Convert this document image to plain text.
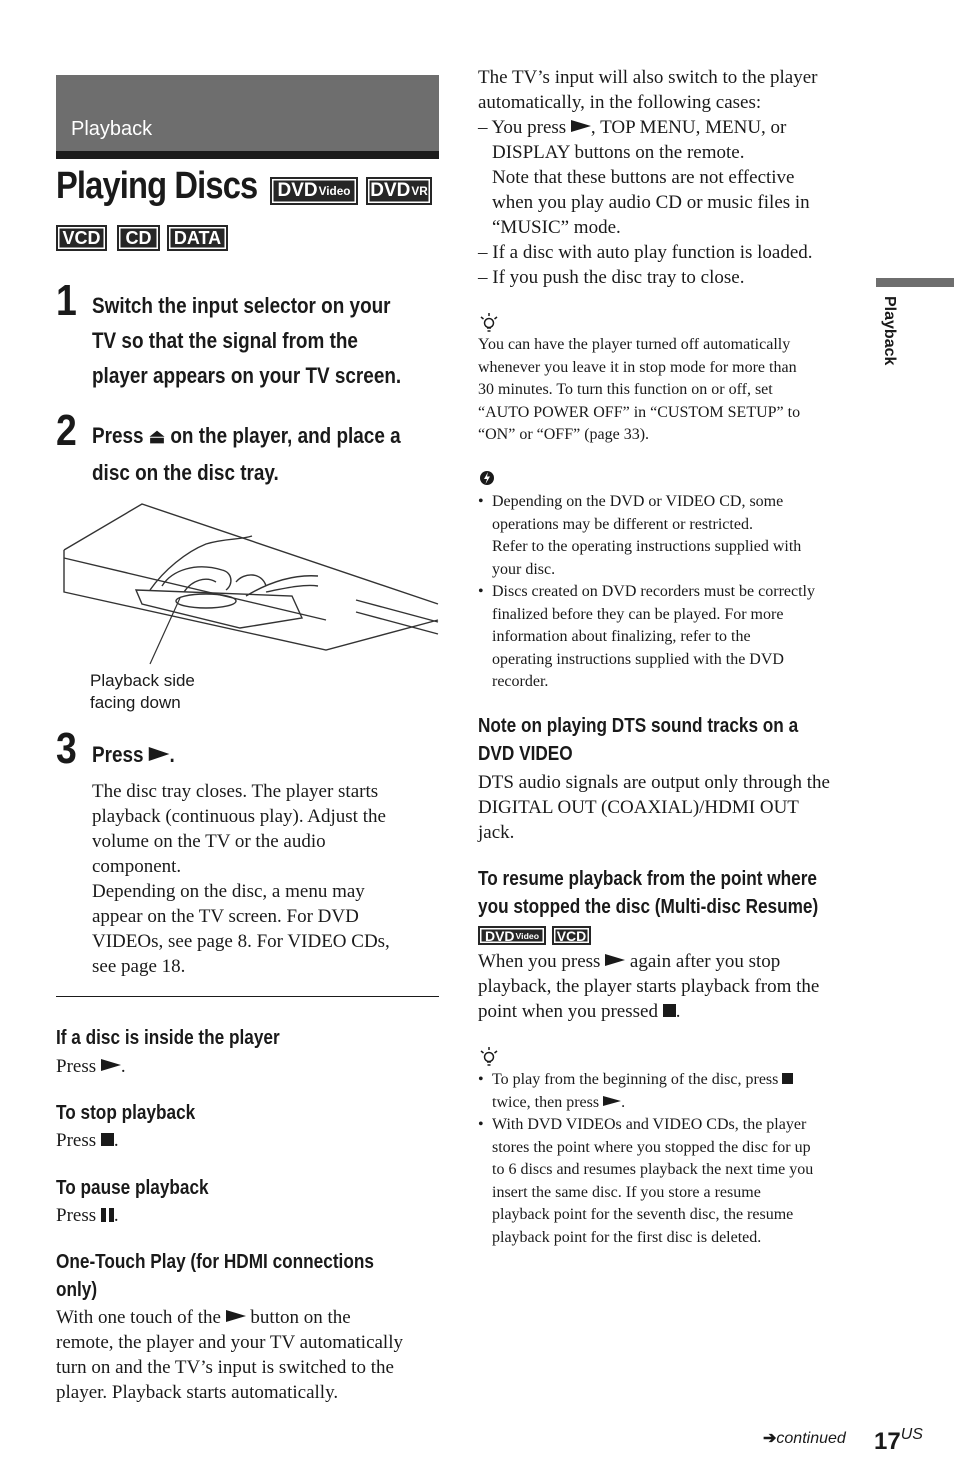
Playback
Playing Discs DVD Video DVD VR
VCD CD DATA
1 Switch the input selector on your
TV so that the signal from the
player appears on your TV screen.
2 Press ⏏ on the player, and place a
disc on the disc tray.
Playback side
facing down
3 Press .
The disc tray closes. The player starts
playback (continuous play). Adjust the
volume on the TV or the audio
component.
Depending on the disc, a menu may
appear on the TV screen. For DVD
VIDEOs, see page 8. For VIDEO CDs,
see page 18.
If a disc is inside the player
Press .
To stop playback
Press .
To pause playback
Press .
One-Touch Play (for HDMI connections
only)
With one touch of the button on the
remote, the player and your TV automatically
turn on and the TV’s input is switched to the
player. Playback starts automatically.
The TV’s input will also switch to the player
automatically, in the following cases:
– You press , TOP MENU, MENU, or
DISPLAY buttons on the remote.
Note that these buttons are not effective
when you play audio CD or music files in
“MUSIC” mode.
– If a disc with auto play function is loaded.
– If you push the disc tray to close.
You can have the player turned off automatically
whenever you leave it in stop mode for more than
30 minutes. To turn this function on or off, set
“AUTO POWER OFF” in “CUSTOM SETUP” to
“ON” or “OFF” (page 33).
• Depending on the DVD or VIDEO CD, some
operations may be different or restricted.
Refer to the operating instructions supplied with
your disc.
• Discs created on DVD recorders must be correctly
finalized before they can be played. For more
information about finalizing, refer to the
operating instructions supplied with the DVD
recorder.
Note on playing DTS sound tracks on a
DVD VIDEO
DTS audio signals are output only through the
DIGITAL OUT (COAXIAL)/HDMI OUT
jack.
To resume playback from the point where
you stopped the disc (Multi-disc Resume)
DVD Video VCD
When you press again after you stop
playback, the player starts playback from the
point when you pressed .
• To play from the beginning of the disc, press
twice, then press .
• With DVD VIDEOs and VIDEO CDs, the player
stores the point where you stopped the disc for up
to 6 discs and resumes playback the next time you
insert the same disc. If you store a resume
playback point for the seventh disc, the resume
playback point for the first disc is deleted.
Playback
➔continued 17US
